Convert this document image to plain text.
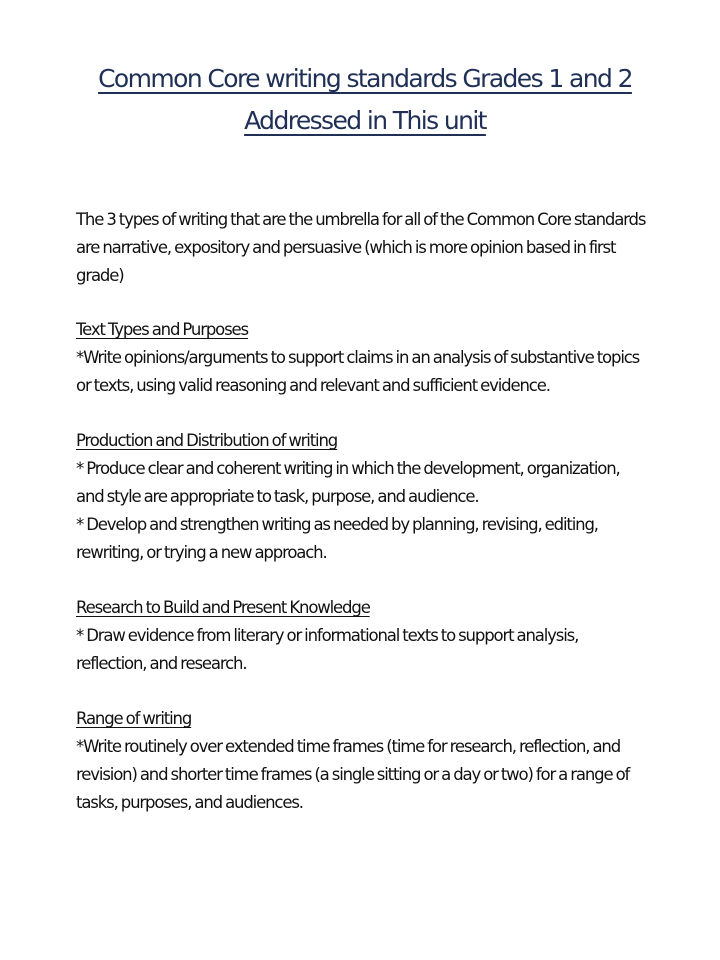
Common Core writing standards Grades 1 and 2
Addressed in This unit

The 3 types of writing that are the umbrella for all of the Common Core standards are narrative, expository and persuasive (which is more opinion based in first grade)

Text Types and Purposes

*Write opinions/arguments to support claims in an analysis of substantive topics or texts, using valid reasoning and relevant and sufficient evidence.

Production and Distribution of writing

* Produce clear and coherent writing in which the development, organization, and style are appropriate to task, purpose, and audience.

* Develop and strengthen writing as needed by planning, revising, editing, rewriting, or trying a new approach.

Research to Build and Present Knowledge

* Draw evidence from literary or informational texts to support analysis, reflection, and research.

Range of writing

*Write routinely over extended time frames (time for research, reflection, and revision) and shorter time frames (a single sitting or a day or two) for a range of tasks, purposes, and audiences.
